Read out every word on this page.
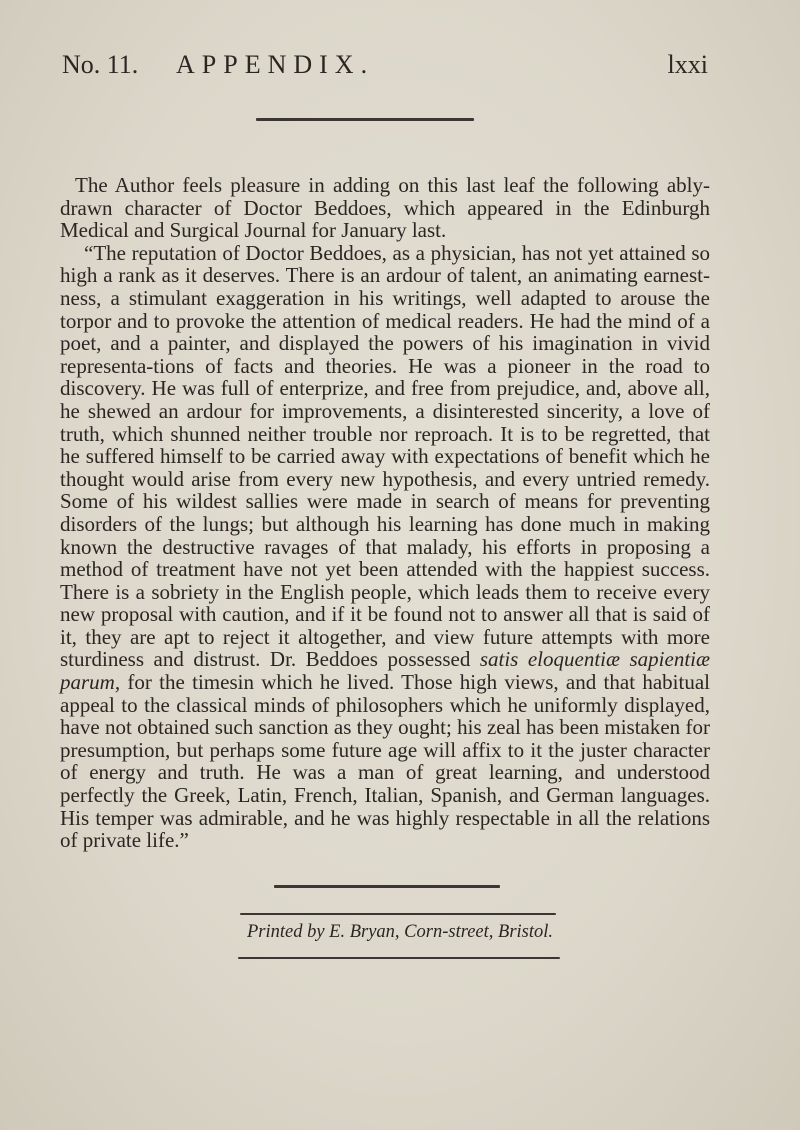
No. 11. APPENDIX.	lxxi

The Author feels pleasure in adding on this last leaf the following ably-drawn character of Doctor Beddoes, which appeared in the Edinburgh Medical and Surgical Journal for January last.

“The reputation of Doctor Beddoes, as a physician, has not yet attained so high a rank as it deserves. There is an ardour of talent, an animating earnest-ness, a stimulant exaggeration in his writings, well adapted to arouse the torpor and to provoke the attention of medical readers. He had the mind of a poet, and a painter, and displayed the powers of his imagination in vivid representa-tions of facts and theories. He was a pioneer in the road to discovery. He was full of enterprize, and free from prejudice, and, above all, he shewed an ardour for improvements, a disinterested sincerity, a love of truth, which shunned neither trouble nor reproach. It is to be regretted, that he suffered himself to be carried away with expectations of benefit which he thought would arise from every new hypothesis, and every untried remedy. Some of his wildest sallies were made in search of means for preventing disorders of the lungs; but although his learning has done much in making known the destructive ravages of that malady, his efforts in proposing a method of treatment have not yet been attended with the happiest success. There is a sobriety in the English people, which leads them to receive every new proposal with caution, and if it be found not to answer all that is said of it, they are apt to reject it altogether, and view future attempts with more sturdiness and distrust. Dr. Beddoes possessed satis eloquentiæ sapientiæ parum, for the timesin which he lived. Those high views, and that habitual appeal to the classical minds of philosophers which he uniformly displayed, have not obtained such sanction as they ought; his zeal has been mistaken for presumption, but perhaps some future age will affix to it the juster character of energy and truth. He was a man of great learning, and understood perfectly the Greek, Latin, French, Italian, Spanish, and German languages. His temper was admirable, and he was highly respectable in all the relations of private life.”

Printed by E. Bryan, Corn-street, Bristol.
